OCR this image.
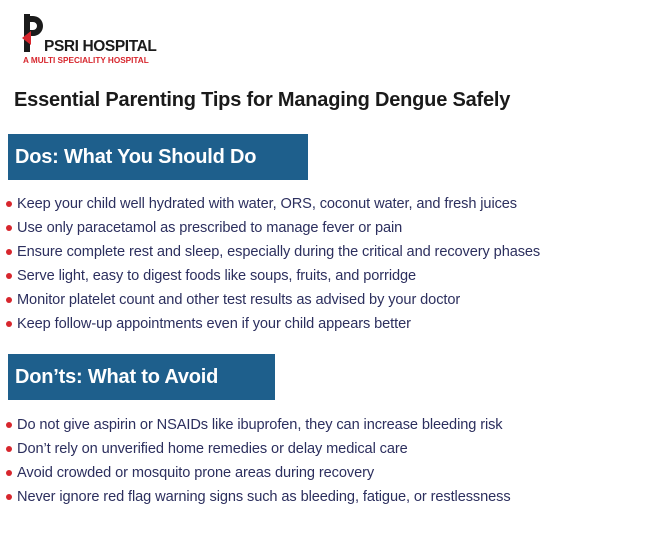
PSRI HOSPITAL
A MULTI SPECIALITY HOSPITAL
Essential Parenting Tips for Managing Dengue Safely
Dos: What You Should Do
Keep your child well hydrated with water, ORS, coconut water, and fresh juices
Use only paracetamol as prescribed to manage fever or pain
Ensure complete rest and sleep, especially during the critical and recovery phases
Serve light, easy to digest foods like soups, fruits, and porridge
Monitor platelet count and other test results as advised by your doctor
Keep follow-up appointments even if your child appears better
Don’ts: What to Avoid
Do not give aspirin or NSAIDs like ibuprofen, they can increase bleeding risk
Don’t rely on unverified home remedies or delay medical care
Avoid crowded or mosquito prone areas during recovery
Never ignore red flag warning signs such as bleeding, fatigue, or restlessness
